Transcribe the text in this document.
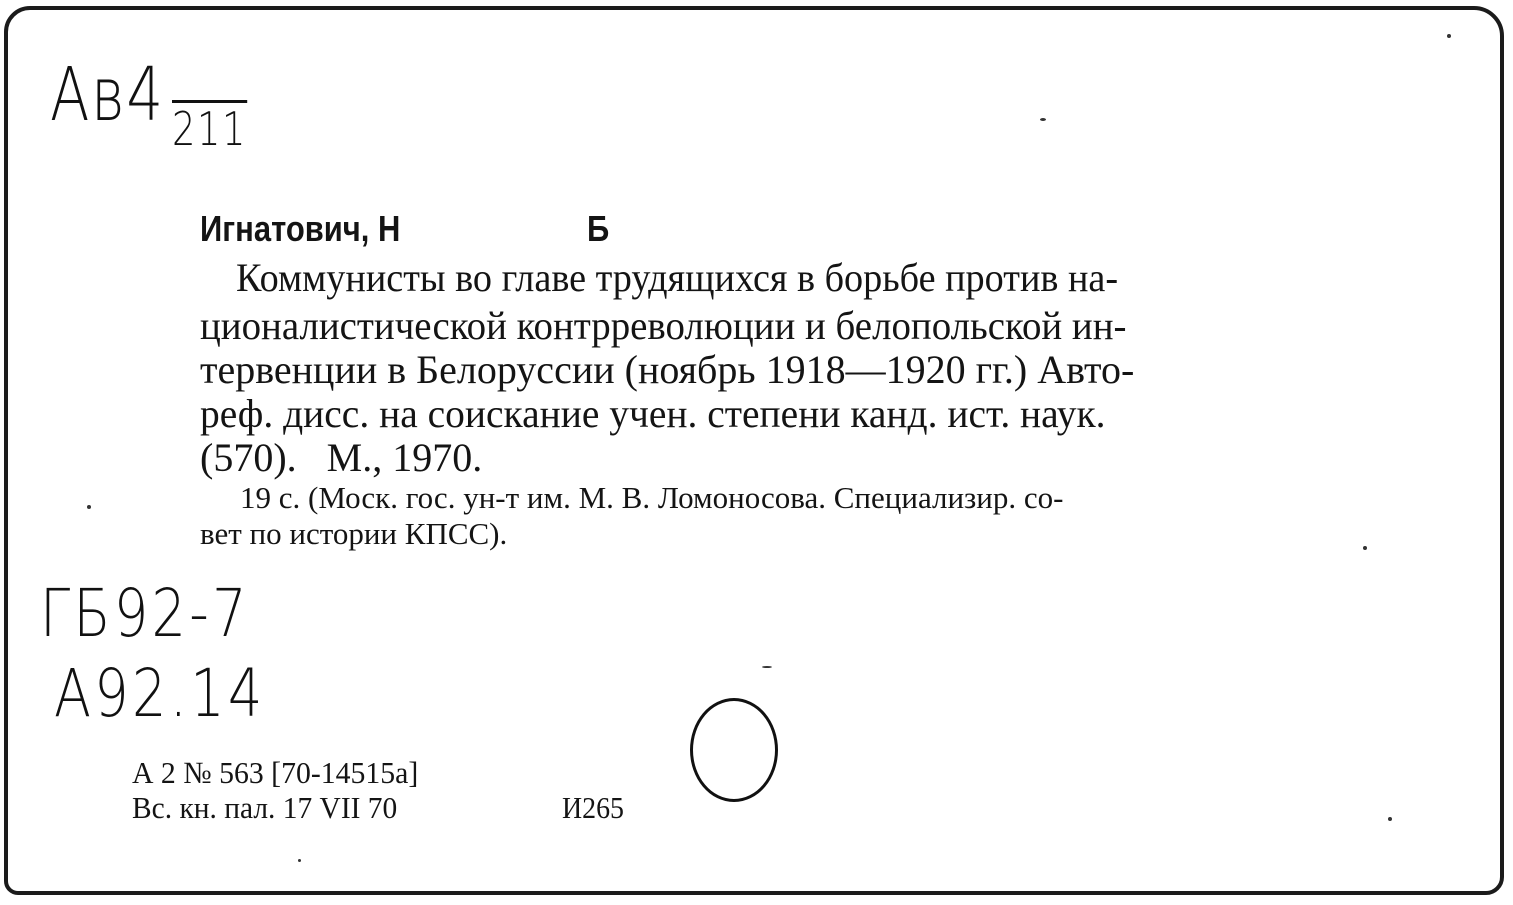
Ав4 211
Игнатович, Н	Б
Коммунисты во главе трудящихся в борьбе против на-
ционалистической контрреволюции и белопольской ин-
тервенции в Белоруссии (ноябрь 1918—1920 гг.) Авто-
реф. дисс. на соискание учен. степени канд. ист. наук.
(570).   М., 1970.
19 с. (Моск. гос. ун-т им. М. В. Ломоносова. Специализир. со-
вет по истории КПСС).
ГБ92-7
А92.14
А 2 № 563 [70-14515а]
Вс. кн. пал. 17 VII 70	И265
